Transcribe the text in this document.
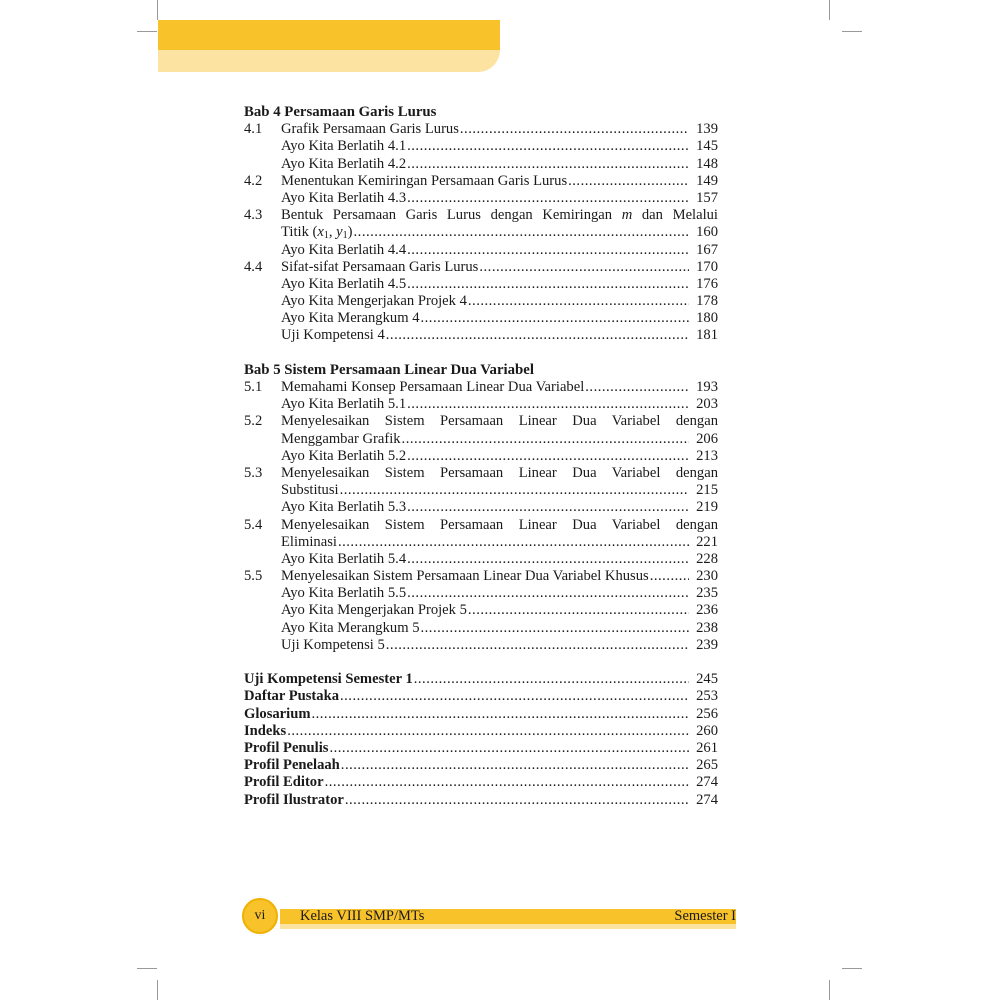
Bab 4 Persamaan Garis Lurus
4.1 Grafik Persamaan Garis Lurus .....	139
Ayo Kita Berlatih 4.1 .....	145
Ayo Kita Berlatih 4.2 .....	148
4.2 Menentukan Kemiringan Persamaan Garis Lurus .....	149
Ayo Kita Berlatih 4.3 .....	157
4.3 Bentuk Persamaan Garis Lurus dengan Kemiringan m dan Melalui
Titik ($x_1$, $y_1$) .....	160
Ayo Kita Berlatih 4.4 .....	167
4.4 Sifat-sifat Persamaan Garis Lurus .....	170
Ayo Kita Berlatih 4.5 .....	176
Ayo Kita Mengerjakan Projek 4 .....	178
Ayo Kita Merangkum 4 .....	180
Uji Kompetensi 4 .....	181
Bab 5 Sistem Persamaan Linear Dua Variabel
5.1 Memahami Konsep Persamaan Linear Dua Variabel .....	193
Ayo Kita Berlatih 5.1 .....	203
5.2 Menyelesaikan Sistem Persamaan Linear Dua Variabel dengan
Menggambar Grafik .....	206
Ayo Kita Berlatih 5.2 .....	213
5.3 Menyelesaikan Sistem Persamaan Linear Dua Variabel dengan
Substitusi .....	215
Ayo Kita Berlatih 5.3 .....	219
5.4 Menyelesaikan Sistem Persamaan Linear Dua Variabel dengan
Eliminasi .....	221
Ayo Kita Berlatih 5.4 .....	228
5.5 Menyelesaikan Sistem Persamaan Linear Dua Variabel Khusus .....	230
Ayo Kita Berlatih 5.5 .....	235
Ayo Kita Mengerjakan Projek 5 .....	236
Ayo Kita Merangkum 5 .....	238
Uji Kompetensi 5 .....	239
Uji Kompetensi Semester 1 .....	245
Daftar Pustaka .....	253
Glosarium .....	256
Indeks .....	260
Profil Penulis .....	261
Profil Penelaah .....	265
Profil Editor .....	274
Profil Ilustrator .....	274
vi	Kelas VIII SMP/MTs	Semester I
